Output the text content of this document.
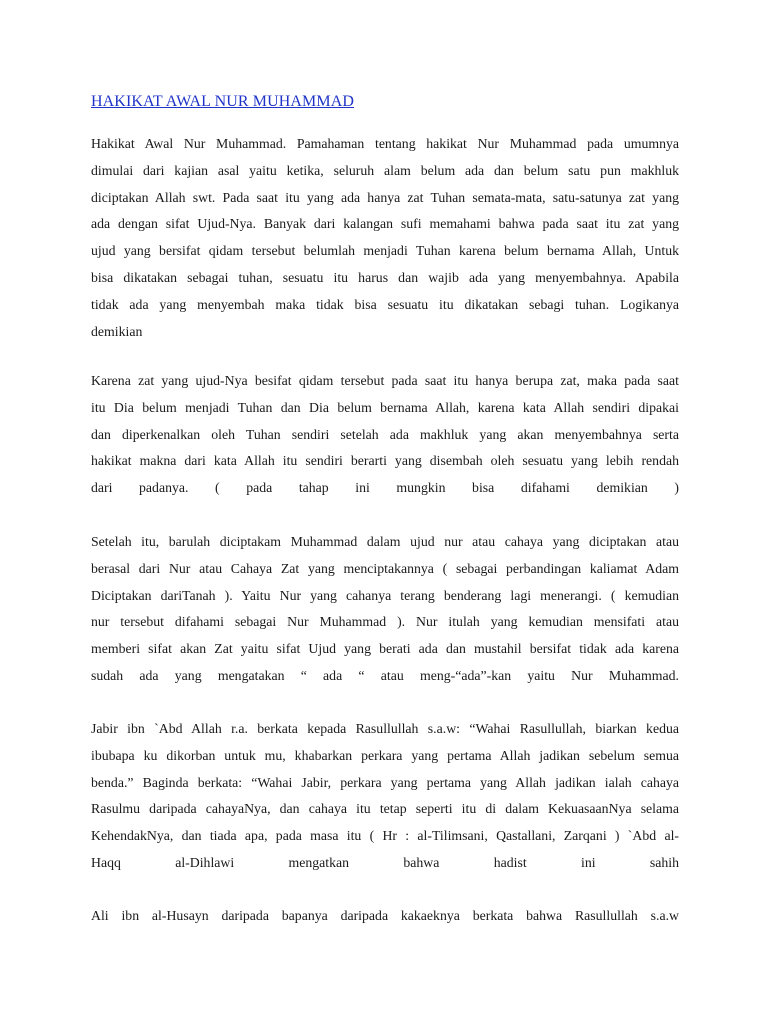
HAKIKAT AWAL NUR MUHAMMAD
Hakikat Awal Nur Muhammad. Pamahaman tentang hakikat Nur Muhammad pada umumnya
dimulai dari kajian asal yaitu ketika, seluruh alam belum ada dan belum satu pun makhluk
diciptakan Allah swt. Pada saat itu yang ada hanya zat Tuhan semata-mata, satu-satunya zat yang
ada dengan sifat Ujud-Nya. Banyak dari kalangan sufi memahami bahwa pada saat itu zat yang
ujud yang bersifat qidam tersebut belumlah menjadi Tuhan karena belum bernama Allah, Untuk
bisa dikatakan sebagai tuhan, sesuatu itu harus dan wajib ada yang menyembahnya. Apabila
tidak ada yang menyembah maka tidak bisa sesuatu itu dikatakan sebagi tuhan. Logikanya
demikian
Karena zat yang ujud-Nya besifat qidam tersebut pada saat itu hanya berupa zat, maka pada saat
itu Dia belum menjadi Tuhan dan Dia belum bernama Allah, karena kata Allah sendiri dipakai
dan diperkenalkan oleh Tuhan sendiri setelah ada makhluk yang akan menyembahnya serta
hakikat makna dari kata Allah itu sendiri berarti yang disembah oleh sesuatu yang lebih rendah
dari padanya. ( pada tahap ini mungkin bisa difahami demikian )
Setelah itu, barulah diciptakam Muhammad dalam ujud nur atau cahaya yang diciptakan atau
berasal dari Nur atau Cahaya Zat yang menciptakannya ( sebagai perbandingan kaliamat Adam
Diciptakan dariTanah ). Yaitu Nur yang cahanya terang benderang lagi menerangi. ( kemudian
nur tersebut difahami sebagai Nur Muhammad ). Nur itulah yang kemudian mensifati atau
memberi sifat akan Zat yaitu sifat Ujud yang berati ada dan mustahil bersifat tidak ada karena
sudah ada yang mengatakan “ ada “ atau meng-“ada”-kan yaitu Nur Muhammad.
Jabir ibn `Abd Allah r.a. berkata kepada Rasullullah s.a.w: “Wahai Rasullullah, biarkan kedua
ibubapa ku dikorban untuk mu, khabarkan perkara yang pertama Allah jadikan sebelum semua
benda.” Baginda berkata: “Wahai Jabir, perkara yang pertama yang Allah jadikan ialah cahaya
Rasulmu daripada cahayaNya, dan cahaya itu tetap seperti itu di dalam KekuasaanNya selama
KehendakNya, dan tiada apa, pada masa itu ( Hr : al-Tilimsani, Qastallani, Zarqani ) `Abd al-
Haqq al-Dihlawi mengatkan bahwa hadist ini sahih
Ali ibn al-Husayn daripada bapanya daripada kakaeknya berkata bahwa Rasullullah s.a.w
